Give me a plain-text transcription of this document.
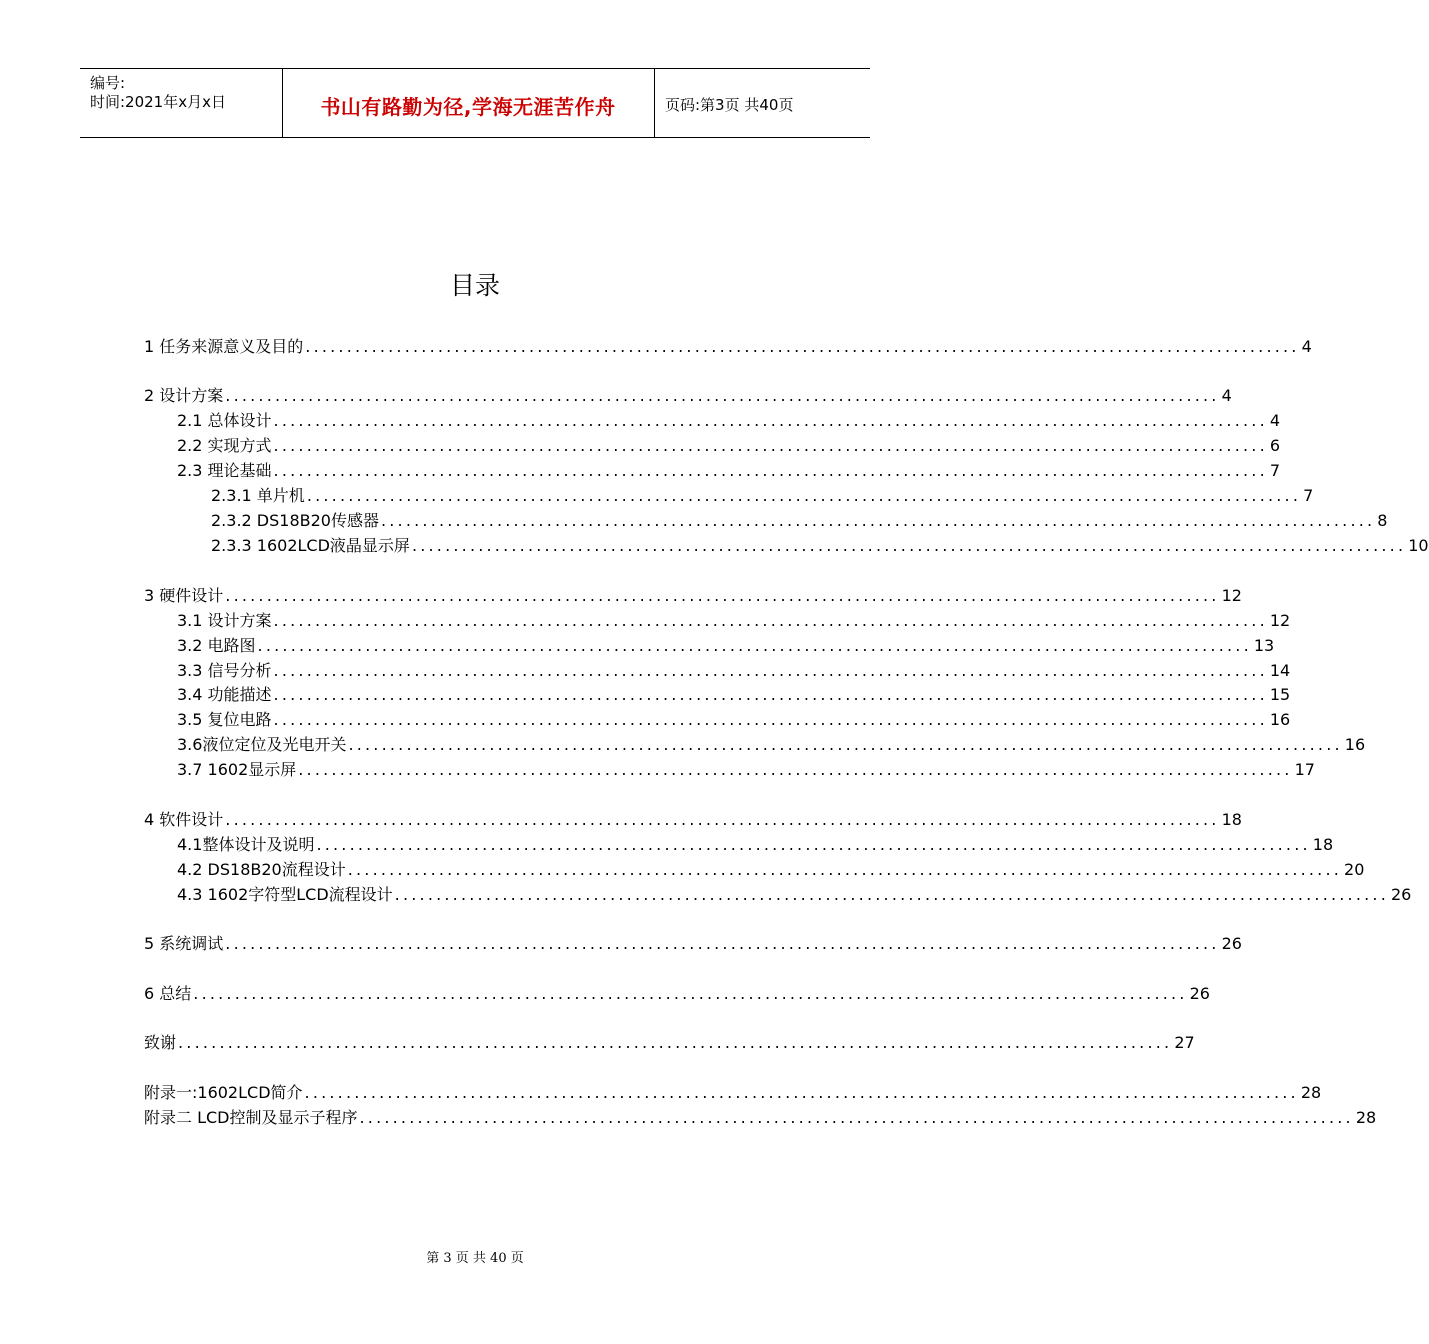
编号:
时间:2021年x月x日	书山有路勤为径,学海无涯苦作舟	页码:第3页 共40页
目录
1 任务来源意义及目的 ........................................................................................................................ 4
2 设计方案 ........................................................................................................................ 4
2.1 总体设计 ........................................................................................................................ 4
2.2 实现方式 ........................................................................................................................ 6
2.3 理论基础 ........................................................................................................................ 7
2.3.1 单片机 ........................................................................................................................ 7
2.3.2 DS18B20传感器 ........................................................................................................................ 8
2.3.3 1602LCD液晶显示屏 ........................................................................................................................ 10
3 硬件设计 ........................................................................................................................ 12
3.1 设计方案 ........................................................................................................................ 12
3.2 电路图 ........................................................................................................................ 13
3.3 信号分析 ........................................................................................................................ 14
3.4 功能描述 ........................................................................................................................ 15
3.5 复位电路 ........................................................................................................................ 16
3.6液位定位及光电开关 ........................................................................................................................ 16
3.7 1602显示屏 ........................................................................................................................ 17
4 软件设计 ........................................................................................................................ 18
4.1整体设计及说明 ........................................................................................................................ 18
4.2 DS18B20流程设计 ........................................................................................................................ 20
4.3 1602字符型LCD流程设计 ........................................................................................................................ 26
5 系统调试 ........................................................................................................................ 26
6 总结 ........................................................................................................................ 26
致谢 ........................................................................................................................ 27
附录一:1602LCD简介 ........................................................................................................................ 28
附录二 LCD控制及显示子程序 ........................................................................................................................ 28
第 3 页 共 40 页
